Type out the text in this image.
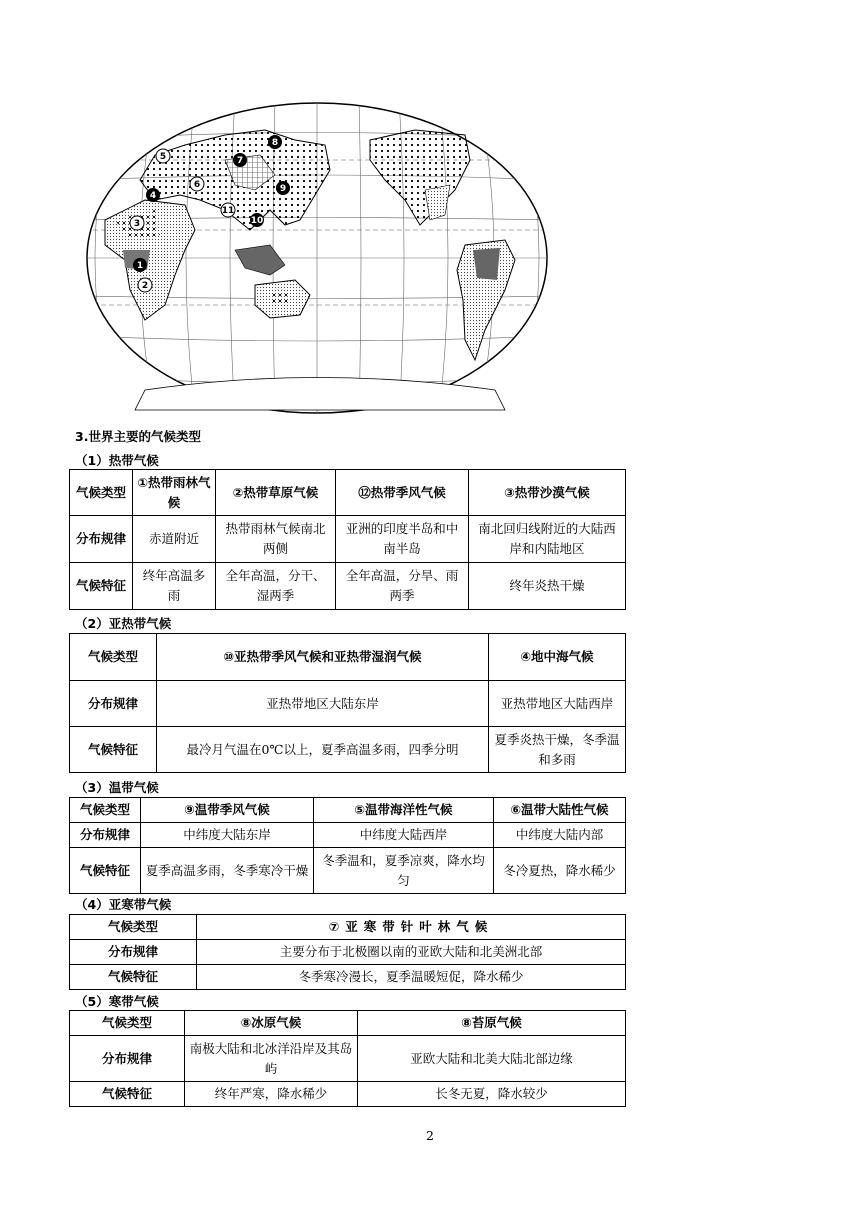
1
2
3
4
5
6
7
8
9
10
11
3.世界主要的气候类型
（1）热带气候
气候类型	①热带雨林气候	②热带草原气候	⑫热带季风气候	③热带沙漠气候
分布规律	赤道附近	热带雨林气候南北两侧	亚洲的印度半岛和中南半岛	南北回归线附近的大陆西岸和内陆地区
气候特征	终年高温多雨	全年高温，分干、湿两季	全年高温，分旱、雨两季	终年炎热干燥
（2）亚热带气候
气候类型	⑩亚热带季风气候和亚热带湿润气候	④地中海气候
分布规律	亚热带地区大陆东岸	亚热带地区大陆西岸
气候特征	最冷月气温在0℃以上，夏季高温多雨，四季分明	夏季炎热干燥，冬季温和多雨
（3）温带气候
气候类型	⑨温带季风气候	⑤温带海洋性气候	⑥温带大陆性气候
分布规律	中纬度大陆东岸	中纬度大陆西岸	中纬度大陆内部
气候特征	夏季高温多雨，冬季寒冷干燥	冬季温和，夏季凉爽，降水均匀	冬冷夏热，降水稀少
（4）亚寒带气候
气候类型	⑦亚寒带针叶林气候
分布规律	主要分布于北极圈以南的亚欧大陆和北美洲北部
气候特征	冬季寒冷漫长，夏季温暖短促，降水稀少
（5）寒带气候
气候类型	⑧冰原气候	⑧苔原气候
分布规律	南极大陆和北冰洋沿岸及其岛屿	亚欧大陆和北美大陆北部边缘
气候特征	终年严寒，降水稀少	长冬无夏，降水较少
2
